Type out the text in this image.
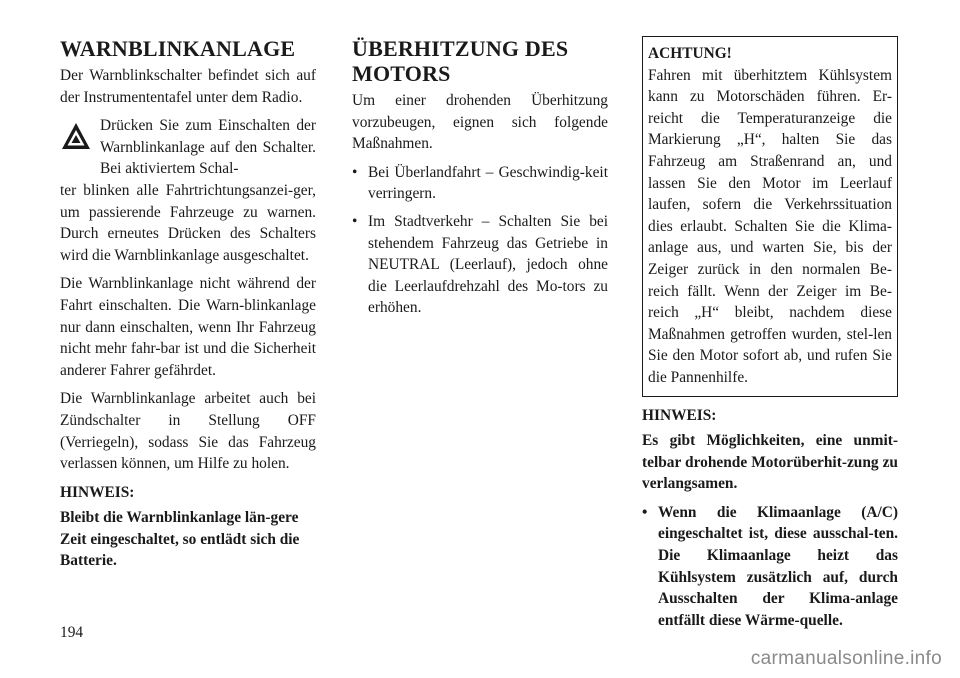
WARNBLINKANLAGE

Der Warnblinkschalter befindet sich auf der Instrumententafel unter dem Radio.

Drücken Sie zum Einschalten der Warnblinkanlage auf den Schalter. Bei aktiviertem Schal-

ter blinken alle Fahrtrichtungsanzei-ger, um passierende Fahrzeuge zu warnen. Durch erneutes Drücken des Schalters wird die Warnblinkanlage ausgeschaltet.

Die Warnblinkanlage nicht während der Fahrt einschalten. Die Warn-blinkanlage nur dann einschalten, wenn Ihr Fahrzeug nicht mehr fahr-bar ist und die Sicherheit anderer Fahrer gefährdet.

Die Warnblinkanlage arbeitet auch bei Zündschalter in Stellung OFF (Verriegeln), sodass Sie das Fahrzeug verlassen können, um Hilfe zu holen.

HINWEIS:

Bleibt die Warnblinkanlage län-gere Zeit eingeschaltet, so entlädt sich die Batterie.

ÜBERHITZUNG DES MOTORS

Um einer drohenden Überhitzung vorzubeugen, eignen sich folgende Maßnahmen.

• Bei Überlandfahrt – Geschwindig-keit verringern.
• Im Stadtverkehr – Schalten Sie bei stehendem Fahrzeug das Getriebe in NEUTRAL (Leerlauf), jedoch ohne die Leerlaufdrehzahl des Mo-tors zu erhöhen.
ACHTUNG!
Fahren mit überhitztem Kühlsystem kann zu Motorschäden führen. Er-reicht die Temperaturanzeige die Markierung „H“, halten Sie das Fahrzeug am Straßenrand an, und lassen Sie den Motor im Leerlauf laufen, sofern die Verkehrssituation dies erlaubt. Schalten Sie die Klima-anlage aus, und warten Sie, bis der Zeiger zurück in den normalen Be-reich fällt. Wenn der Zeiger im Be-reich „H“ bleibt, nachdem diese Maßnahmen getroffen wurden, stel-len Sie den Motor sofort ab, und rufen Sie die Pannenhilfe.

HINWEIS:

Es gibt Möglichkeiten, eine unmit-telbar drohende Motorüberhit-zung zu verlangsamen.

• Wenn die Klimaanlage (A/C) eingeschaltet ist, diese ausschal-ten. Die Klimaanlage heizt das Kühlsystem zusätzlich auf, durch Ausschalten der Klima-anlage entfällt diese Wärme-quelle.
194
carmanualsonline.info
